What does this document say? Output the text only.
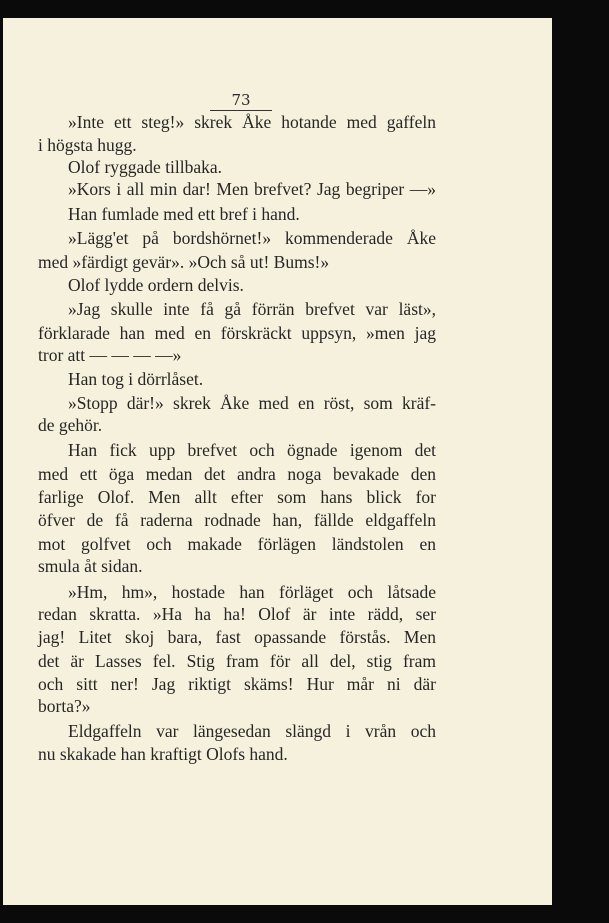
73
»Inte ett steg!» skrek Åke hotande med gaffeln
i högsta hugg.
Olof ryggade tillbaka.
»Kors i all min dar! Men brefvet? Jag begriper —»
Han fumlade med ett bref i hand.
»Lägg'et på bordshörnet!» kommenderade Åke
med »färdigt gevär». »Och så ut! Bums!»
Olof lydde ordern delvis.
»Jag skulle inte få gå förrän brefvet var läst»,
förklarade han med en förskräckt uppsyn, »men jag
tror att — — — —»
Han tog i dörrlåset.
»Stopp där!» skrek Åke med en röst, som kräf-
de gehör.
Han fick upp brefvet och ögnade igenom det
med ett öga medan det andra noga bevakade den
farlige Olof. Men allt efter som hans blick for
öfver de få raderna rodnade han, fällde eldgaffeln
mot golfvet och makade förlägen ländstolen en
smula åt sidan.
»Hm, hm», hostade han förläget och låtsade
redan skratta. »Ha ha ha! Olof är inte rädd, ser
jag! Litet skoj bara, fast opassande förstås. Men
det är Lasses fel. Stig fram för all del, stig fram
och sitt ner! Jag riktigt skäms! Hur mår ni där
borta?»
Eldgaffeln var längesedan slängd i vrån och
nu skakade han kraftigt Olofs hand.
